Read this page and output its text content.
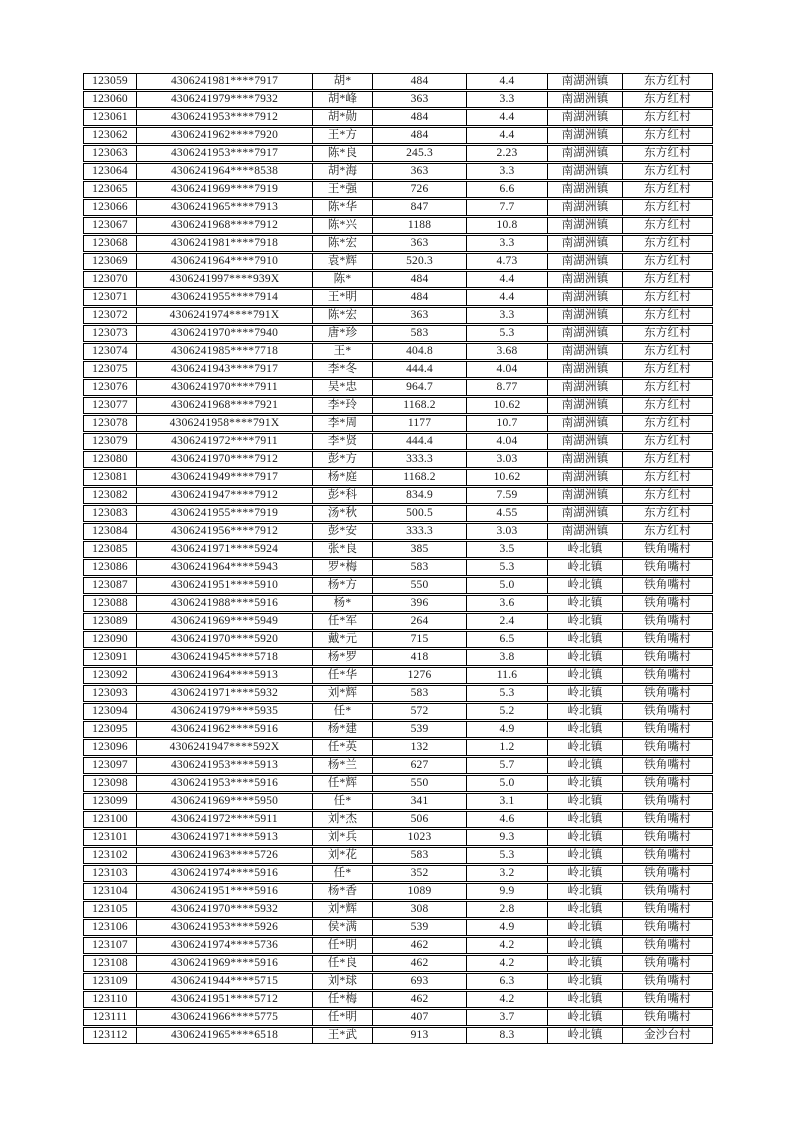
123059	4306241981****7917	胡*	484	4.4	南湖洲镇	东方红村
123060	4306241979****7932	胡*峰	363	3.3	南湖洲镇	东方红村
123061	4306241953****7912	胡*勋	484	4.4	南湖洲镇	东方红村
123062	4306241962****7920	王*方	484	4.4	南湖洲镇	东方红村
123063	4306241953****7917	陈*良	245.3	2.23	南湖洲镇	东方红村
123064	4306241964****8538	胡*海	363	3.3	南湖洲镇	东方红村
123065	4306241969****7919	王*强	726	6.6	南湖洲镇	东方红村
123066	4306241965****7913	陈*华	847	7.7	南湖洲镇	东方红村
123067	4306241968****7912	陈*兴	1188	10.8	南湖洲镇	东方红村
123068	4306241981****7918	陈*宏	363	3.3	南湖洲镇	东方红村
123069	4306241964****7910	袁*辉	520.3	4.73	南湖洲镇	东方红村
123070	4306241997****939X	陈*	484	4.4	南湖洲镇	东方红村
123071	4306241955****7914	王*明	484	4.4	南湖洲镇	东方红村
123072	4306241974****791X	陈*宏	363	3.3	南湖洲镇	东方红村
123073	4306241970****7940	唐*珍	583	5.3	南湖洲镇	东方红村
123074	4306241985****7718	王*	404.8	3.68	南湖洲镇	东方红村
123075	4306241943****7917	李*冬	444.4	4.04	南湖洲镇	东方红村
123076	4306241970****7911	吴*忠	964.7	8.77	南湖洲镇	东方红村
123077	4306241968****7921	李*玲	1168.2	10.62	南湖洲镇	东方红村
123078	4306241958****791X	李*周	1177	10.7	南湖洲镇	东方红村
123079	4306241972****7911	李*贤	444.4	4.04	南湖洲镇	东方红村
123080	4306241970****7912	彭*方	333.3	3.03	南湖洲镇	东方红村
123081	4306241949****7917	杨*庭	1168.2	10.62	南湖洲镇	东方红村
123082	4306241947****7912	彭*科	834.9	7.59	南湖洲镇	东方红村
123083	4306241955****7919	汤*秋	500.5	4.55	南湖洲镇	东方红村
123084	4306241956****7912	彭*安	333.3	3.03	南湖洲镇	东方红村
123085	4306241971****5924	张*良	385	3.5	岭北镇	铁角嘴村
123086	4306241964****5943	罗*梅	583	5.3	岭北镇	铁角嘴村
123087	4306241951****5910	杨*方	550	5.0	岭北镇	铁角嘴村
123088	4306241988****5916	杨*	396	3.6	岭北镇	铁角嘴村
123089	4306241969****5949	任*军	264	2.4	岭北镇	铁角嘴村
123090	4306241970****5920	戴*元	715	6.5	岭北镇	铁角嘴村
123091	4306241945****5718	杨*罗	418	3.8	岭北镇	铁角嘴村
123092	4306241964****5913	任*华	1276	11.6	岭北镇	铁角嘴村
123093	4306241971****5932	刘*辉	583	5.3	岭北镇	铁角嘴村
123094	4306241979****5935	任*	572	5.2	岭北镇	铁角嘴村
123095	4306241962****5916	杨*建	539	4.9	岭北镇	铁角嘴村
123096	4306241947****592X	任*英	132	1.2	岭北镇	铁角嘴村
123097	4306241953****5913	杨*兰	627	5.7	岭北镇	铁角嘴村
123098	4306241953****5916	任*辉	550	5.0	岭北镇	铁角嘴村
123099	4306241969****5950	任*	341	3.1	岭北镇	铁角嘴村
123100	4306241972****5911	刘*杰	506	4.6	岭北镇	铁角嘴村
123101	4306241971****5913	刘*兵	1023	9.3	岭北镇	铁角嘴村
123102	4306241963****5726	刘*花	583	5.3	岭北镇	铁角嘴村
123103	4306241974****5916	任*	352	3.2	岭北镇	铁角嘴村
123104	4306241951****5916	杨*香	1089	9.9	岭北镇	铁角嘴村
123105	4306241970****5932	刘*辉	308	2.8	岭北镇	铁角嘴村
123106	4306241953****5926	侯*满	539	4.9	岭北镇	铁角嘴村
123107	4306241974****5736	任*明	462	4.2	岭北镇	铁角嘴村
123108	4306241969****5916	任*良	462	4.2	岭北镇	铁角嘴村
123109	4306241944****5715	刘*球	693	6.3	岭北镇	铁角嘴村
123110	4306241951****5712	任*梅	462	4.2	岭北镇	铁角嘴村
123111	4306241966****5775	任*明	407	3.7	岭北镇	铁角嘴村
123112	4306241965****6518	王*武	913	8.3	岭北镇	金沙台村
